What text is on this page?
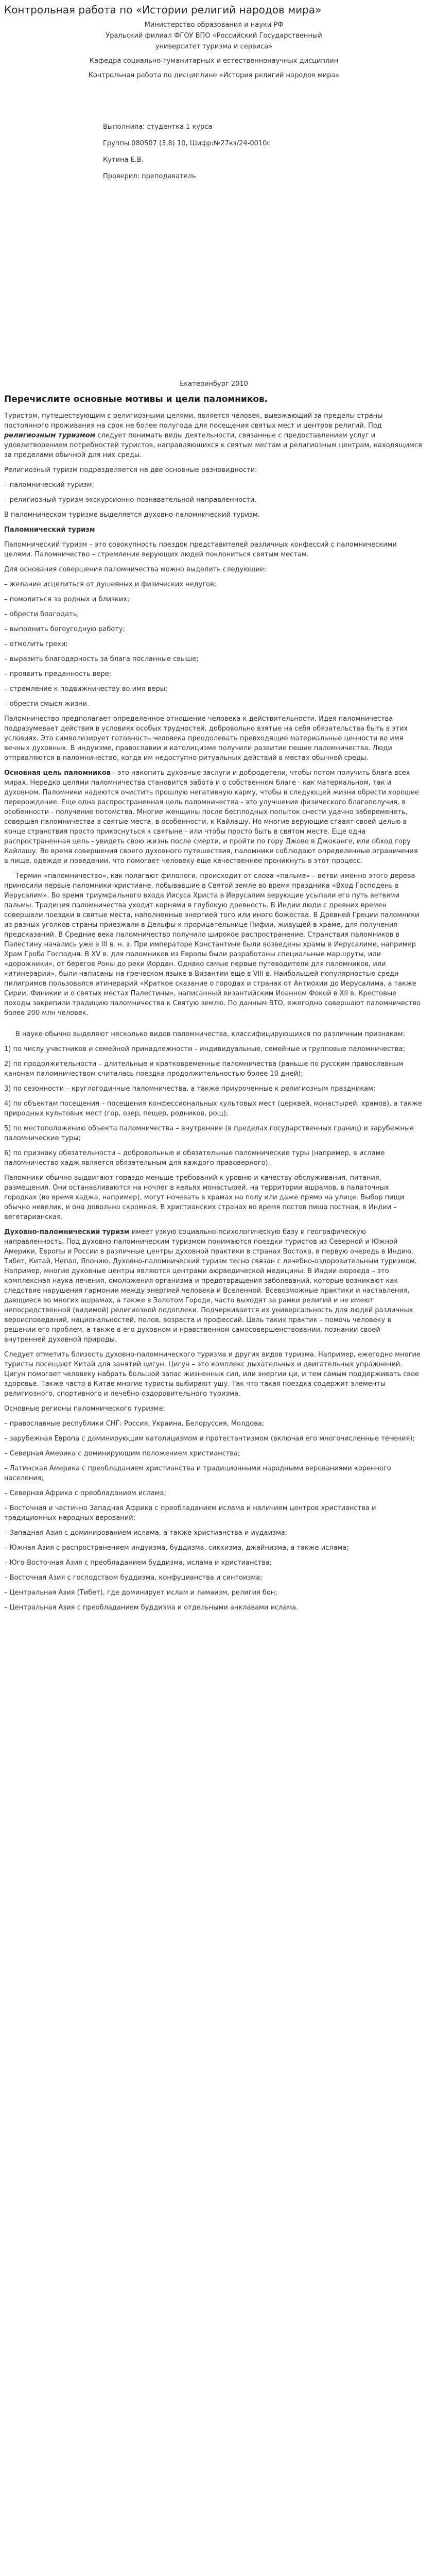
Контрольная работа по «Истории религий народов мира»

Министерство образования и науки РФ

Уральский филиал ФГОУ ВПО «Российский Государственный

университет туризма и сервиса»

Кафедра социально-гуманитарных и естественнонаучных дисциплин

Контрольная работа по дисциплине «История религий народов мира»

Выполнила: студентка 1 курса

Группы 080507 (3,8) 10, Шифр:№27кз/24-0010с

Кутина Е.В.

Проверил: преподаватель

Екатеринбург 2010

Перечислите основные мотивы и цели паломников.

Туристом, путешествующим с религиозными целями, является человек, выезжающий за пределы страны постоянного проживания на срок не более полугода для посещения святых мест и центров религий. Под религиозным туризмом следует понимать виды деятельности, связанные с предоставлением услуг и удовлетворением потребностей туристов, направляющихся к святым местам и религиозным центрам, находящимся за пределами обычной для них среды.

Религиозный туризм подразделяется на две основные разновидности:

– паломнический туризм;

– религиозный туризм экскурсионно-познавательной направленности.

В паломническом туризме выделяется духовно-паломнический туризм.

Паломнический туризм

Паломнический туризм – это совокупность поездок представителей различных конфессий с паломническими целями. Паломничество – стремление верующих людей поклониться святым местам.

Для основания совершения паломничества можно выделить следующие:

– желание исцелиться от душевных и физических недугов;

– помолиться за родных и близких;

– обрести благодать;

– выполнить богоугодную работу;

– отмолить грехи;

– выразить благодарность за блага посланные свыше;

– проявить преданность вере;

– стремление к подвижничеству во имя веры;

– обрести смысл жизни.

Паломничество предполагает определенное отношение человека к действительности. Идея паломничества подразумевает действия в условиях особых трудностей, добровольно взятые на себя обязательства быть в этих условиях. Это символизирует готовность человека преодолевать превходящие материальные ценности во имя вечных духовных. В индуизме, православии и католицизме получили развитие пешие паломничества. Люди отправляются в паломничество, когда им недоступно ритуальных действий в местах обычной среды.

Основная цель паломников - это накопить духовные заслуги и добродетели, чтобы потом получить блага всех мирах. Нередко целями паломничества становится забота и о собственном благе - как материальном, так и духовном. Паломники надеются очистить прошлую негативную карму, чтобы в следующей жизни обрести хорошее перерождение. Еще одна распространенная цель паломничества - это улучшение физического благополучия, в особенности - получение потомства. Многие женщины после бесплодных попыток снести удачно забеременеть, совершая паломничества в святые места, в особенности, к Кайлашу. Но многие верующие ставят своей целью в конце странствия просто прикоснуться к святыне - или чтобы просто быть в святом месте. Еще одна распространенная цель - увидеть свою жизнь после смерти, и пройти по гору Джово в Джоканге, или обход гору Кайлашу. Во время совершения своего духовного путешествия, паломники соблюдают определенные ограничения в пище, одежде и поведении, что помогает человеку еще качественнее проникнуть в этот процесс.

Термин «паломничество», как полагают филологи, происходит от слова «пальма» – ветви именно этого дерева приносили первые паломники-христиане, побывавшие в Святой земле во время праздника «Вход Господень в Иерусалим». Во время триумфального входа Иисуса Христа в Иерусалим верующие усыпали его путь ветвями пальмы. Традиция паломничества уходит корнями в глубокую древность. В Индии люди с древних времен совершали поездки в святые места, наполненные энергией того или иного божества. В Древней Греции паломники из разных уголков страны приезжали в Дельфы к прорицательнице Пифии, живущей в храме, для получения предсказаний. В Средние века паломничество получило широкое распространение. Странствия паломников в Палестину начались уже в III в. н. э. При императоре Константине были возведены храмы в Иерусалиме, например Храм Гроба Господня. В XV в. для паломников из Европы были разработаны специальные маршруты, или «дорожники», от берегов Роны до реки Иордан. Однако самые первые путеводители для паломников, или «итинерарии», были написаны на греческом языке в Византии еще в VIII в. Наибольшей популярностью среди пилигримов пользовался итинерарий «Краткое сказание о городах и странах от Антиохии до Иерусалима, а также Сирии, Финикии и о святых местах Палестины», написанный византийским Иоанном Фокой в XII в. Крестовые походы закрепили традицию паломничества к Святую землю. По данным ВТО, ежегодно совершают паломничество более 200 млн человек.

В науке обычно выделяют несколько видов паломничества, классифицирующихся по различным признакам:

1) по числу участников и семейной принадлежности – индивидуальные, семейные и групповые паломничества;

2) по продолжительности – длительные и кратковременные паломничества (раньше по русским православным канонам паломничеством считалась поездка продолжительностью более 10 дней);

3) по сезонности – круглогодичные паломничества, а также приуроченные к религиозным праздникам;

4) по объектам посещения – посещения конфессиональных культовых мест (церквей, монастырей, храмов), а также природных культовых мест (гор, озер, пещер, родников, рощ);

5) по местоположению объекта паломничества – внутренние (в пределах государственных границ) и зарубежные паломнические туры;

6) по признаку обязательности – добровольные и обязательные паломнические туры (например, в исламе паломничество хадж является обязательным для каждого правоверного).

Паломники обычно выдвигают гораздо меньше требований к уровню и качеству обслуживания, питания, размещения. Они останавливаются на ночлег в кельях монастырей, на территории ашрамов, в палаточных городках (во время хаджа, например), могут ночевать в храмах на полу или даже прямо на улице. Выбор пищи обычно невелик, и она довольно скромная. В христианских странах во время постов пища постная, в Индии – вегетарианская.

Духовно-паломнический туризм имеет узкую социально-психологическую базу и географическую направленность. Под духовно-паломническим туризмом понимаются поездки туристов из Северной и Южной Америки, Европы и России в различные центры духовной практики в странах Востока, в первую очередь в Индию. Тибет, Китай, Непал, Японию. Духовно-паломнический туризм тесно связан с лечебно-оздоровительным туризмом. Например, многие духовные центры являются центрами аюрведической медицины. В Индии аюрведа – это комплексная наука лечения, омоложения организма и предотвращения заболеваний, которые возникают как следствие нарушения гармонии между энергией человека и Вселенной. Всевозможные практики и наставления, дающиеся во многих ашрамах, а также в Золотом Городе, часто выходят за рамки религий и не имеют непосредственной (видимой) религиозной подоплеки. Подчеркивается их универсальность для людей различных вероисповеданий, национальностей, полов, возраста и профессий. Цель таких практик – помочь человеку в решении его проблем, а также в его духовном и нравственном самосовершенствовании, познании своей внутренней духовной природы.

Следует отметить близость духовно-паломнического туризма и других видов туризма. Например, ежегодно многие туристы посещают Китай для занятий цигун. Цигун – это комплекс дыхательных и двигательных упражнений. Цигун помогает человеку набрать большой запас жизненных сил, или энергии ци, и тем самым поддерживать свое здоровье. Также часто в Китае многие туристы выбирают ушу. Так что такая поездка содержит элементы религиозного, спортивного и лечебно-оздоровительного туризма.

Основные регионы паломнического туризма:

– православные республики СНГ: Россия, Украина, Белоруссия, Молдова;

– зарубежная Европа с доминирующим католицизмом и протестантизмом (включая его многочисленные течения);

– Северная Америка с доминирующим положением христианства;

– Латинская Америка с преобладанием христианства и традиционными народными верованиями коренного населения;

– Северная Африка с преобладанием ислама;

– Восточная и частично Западная Африка с преобладанием ислама и наличием центров христианства и традиционных народных верований;

– Западная Азия с доминированием ислама, а также христианства и иудаизма;

– Южная Азия с распространением индуизма, буддизма, сикхизма, джайнизма, а также ислама;

– Юго-Восточная Азия с преобладанием буддизма, ислама и христианства;

– Восточная Азия с господством буддизма, конфуцианства и синтоизма;

– Центральная Азия (Тибет), где доминирует ислам и ламаизм, религия бон;

– Центральная Азия с преобладанием буддизма и отдельными анклавами ислама.
